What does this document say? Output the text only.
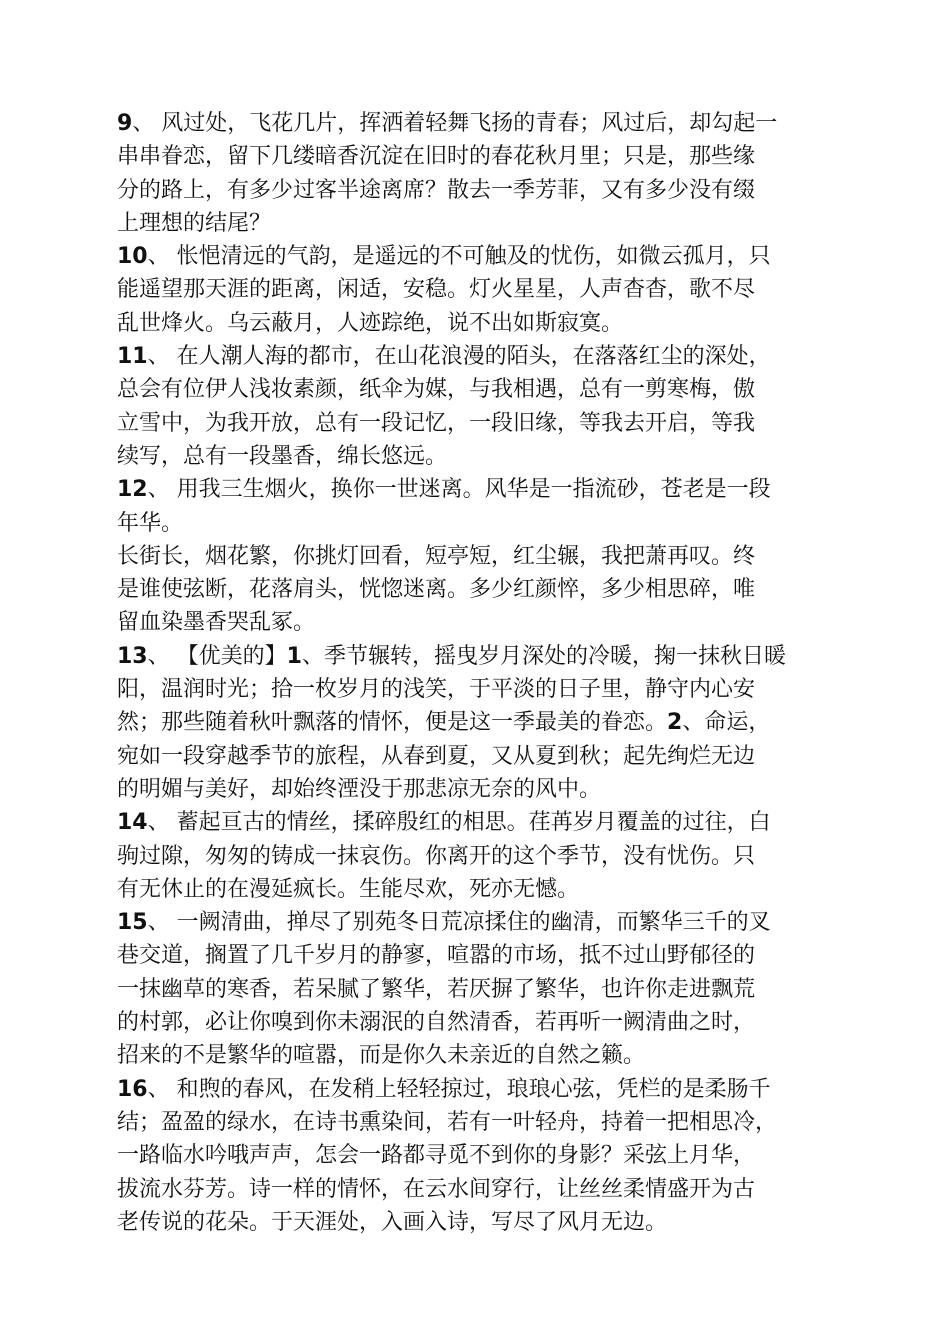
9、 风过处，飞花几片，挥洒着轻舞飞扬的青春；风过后，却勾起一
串串眷恋，留下几缕暗香沉淀在旧时的春花秋月里；只是，那些缘
分的路上，有多少过客半途离席？散去一季芳菲，又有多少没有缀
上理想的结尾？
10、 怅悒清远的气韵，是遥远的不可触及的忧伤，如微云孤月，只
能遥望那天涯的距离，闲适，安稳。灯火星星，人声杳杳，歌不尽
乱世烽火。乌云蔽月，人迹踪绝，说不出如斯寂寞。
11、 在人潮人海的都市，在山花浪漫的陌头，在落落红尘的深处，
总会有位伊人浅妆素颜，纸伞为媒，与我相遇，总有一剪寒梅，傲
立雪中，为我开放，总有一段记忆，一段旧缘，等我去开启，等我
续写，总有一段墨香，绵长悠远。
12、 用我三生烟火，换你一世迷离。风华是一指流砂，苍老是一段
年华。
长街长，烟花繁，你挑灯回看，短亭短，红尘辗，我把萧再叹。终
是谁使弦断，花落肩头，恍惚迷离。多少红颜悴，多少相思碎，唯
留血染墨香哭乱冢。
13、 【优美的】1、季节辗转，摇曳岁月深处的冷暖，掬一抹秋日暖
阳，温润时光；拾一枚岁月的浅笑，于平淡的日子里，静守内心安
然；那些随着秋叶飘落的情怀，便是这一季最美的眷恋。2、命运，
宛如一段穿越季节的旅程，从春到夏，又从夏到秋；起先绚烂无边
的明媚与美好，却始终湮没于那悲凉无奈的风中。
14、 蓄起亘古的情丝，揉碎殷红的相思。荏苒岁月覆盖的过往，白
驹过隙，匆匆的铸成一抹哀伤。你离开的这个季节，没有忧伤。只
有无休止的在漫延疯长。生能尽欢，死亦无憾。
15、 一阙清曲，掸尽了别苑冬日荒凉揉住的幽清，而繁华三千的叉
巷交道，搁置了几千岁月的静寥，喧嚣的市场，抵不过山野郁径的
一抹幽草的寒香，若呆腻了繁华，若厌摒了繁华，也许你走进飘荒
的村郭，必让你嗅到你未溺泯的自然清香，若再听一阙清曲之时，
招来的不是繁华的喧嚣，而是你久未亲近的自然之籁。
16、 和煦的春风，在发稍上轻轻掠过，琅琅心弦，凭栏的是柔肠千
结；盈盈的绿水，在诗书熏染间，若有一叶轻舟，持着一把相思冷，
一路临水吟哦声声，怎会一路都寻觅不到你的身影？采弦上月华，
拔流水芬芳。诗一样的情怀，在云水间穿行，让丝丝柔情盛开为古
老传说的花朵。于天涯处，入画入诗，写尽了风月无边。
